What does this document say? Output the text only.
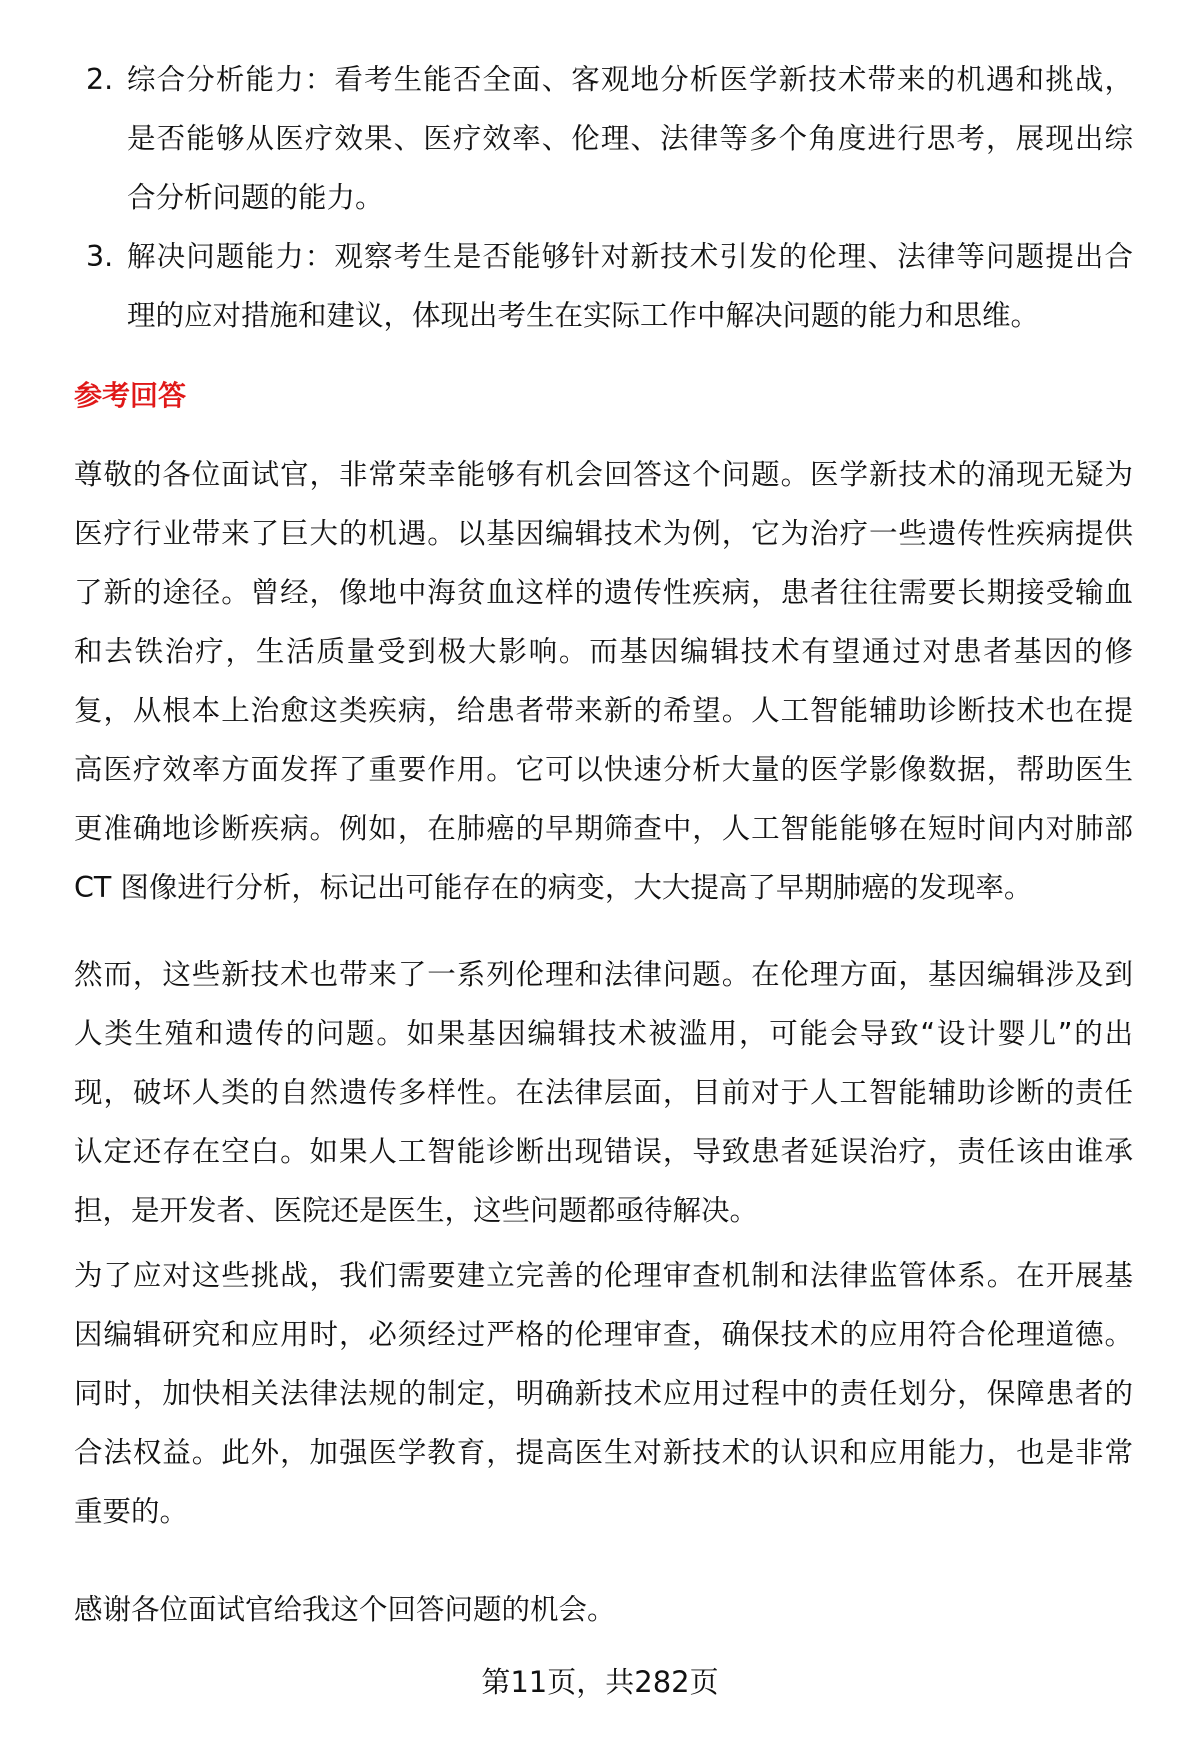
2. 综合分析能力：看考生能否全面、客观地分析医学新技术带来的机遇和挑战，
是否能够从医疗效果、医疗效率、伦理、法律等多个角度进行思考，展现出综
合分析问题的能力。
3. 解决问题能力：观察考生是否能够针对新技术引发的伦理、法律等问题提出合
理的应对措施和建议，体现出考生在实际工作中解决问题的能力和思维。
参考回答
尊敬的各位面试官，非常荣幸能够有机会回答这个问题。医学新技术的涌现无疑为
医疗行业带来了巨大的机遇。以基因编辑技术为例，它为治疗一些遗传性疾病提供
了新的途径。曾经，像地中海贫血这样的遗传性疾病，患者往往需要长期接受输血
和去铁治疗，生活质量受到极大影响。而基因编辑技术有望通过对患者基因的修
复，从根本上治愈这类疾病，给患者带来新的希望。人工智能辅助诊断技术也在提
高医疗效率方面发挥了重要作用。它可以快速分析大量的医学影像数据，帮助医生
更准确地诊断疾病。例如，在肺癌的早期筛查中，人工智能能够在短时间内对肺部
CT 图像进行分析，标记出可能存在的病变，大大提高了早期肺癌的发现率。
然而，这些新技术也带来了一系列伦理和法律问题。在伦理方面，基因编辑涉及到
人类生殖和遗传的问题。如果基因编辑技术被滥用，可能会导致“设计婴儿”的出
现，破坏人类的自然遗传多样性。在法律层面，目前对于人工智能辅助诊断的责任
认定还存在空白。如果人工智能诊断出现错误，导致患者延误治疗，责任该由谁承
担，是开发者、医院还是医生，这些问题都亟待解决。
为了应对这些挑战，我们需要建立完善的伦理审查机制和法律监管体系。在开展基
因编辑研究和应用时，必须经过严格的伦理审查，确保技术的应用符合伦理道德。
同时，加快相关法律法规的制定，明确新技术应用过程中的责任划分，保障患者的
合法权益。此外，加强医学教育，提高医生对新技术的认识和应用能力，也是非常
重要的。
感谢各位面试官给我这个回答问题的机会。
第11页，共282页
